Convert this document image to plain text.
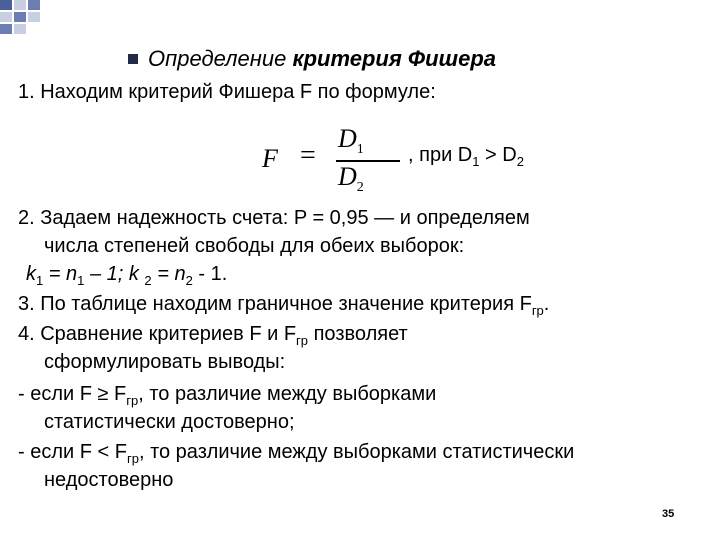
Определение критерия Фишера
1. Находим критерий Фишера F по формуле:
F =
$D_1$
$D_2$
, при $D_1 > D_2$
2. Задаем надежность счета: P = 0,95 — и определяем
числа степеней свободы для обеих выборок:
$k_1 = n_1 - 1$; k $_2 = n_2 - 1$.
3. По таблице находим граничное значение критерия $F_{гр}$.
4. Сравнение критериев F и $F_{гр}$ позволяет
сформулировать выводы:
- если $F \ge F_{гр}$, то различие между выборками
статистически достоверно;
- если $F < F_{гр}$, то различие между выборками статистически
недостоверно
35
